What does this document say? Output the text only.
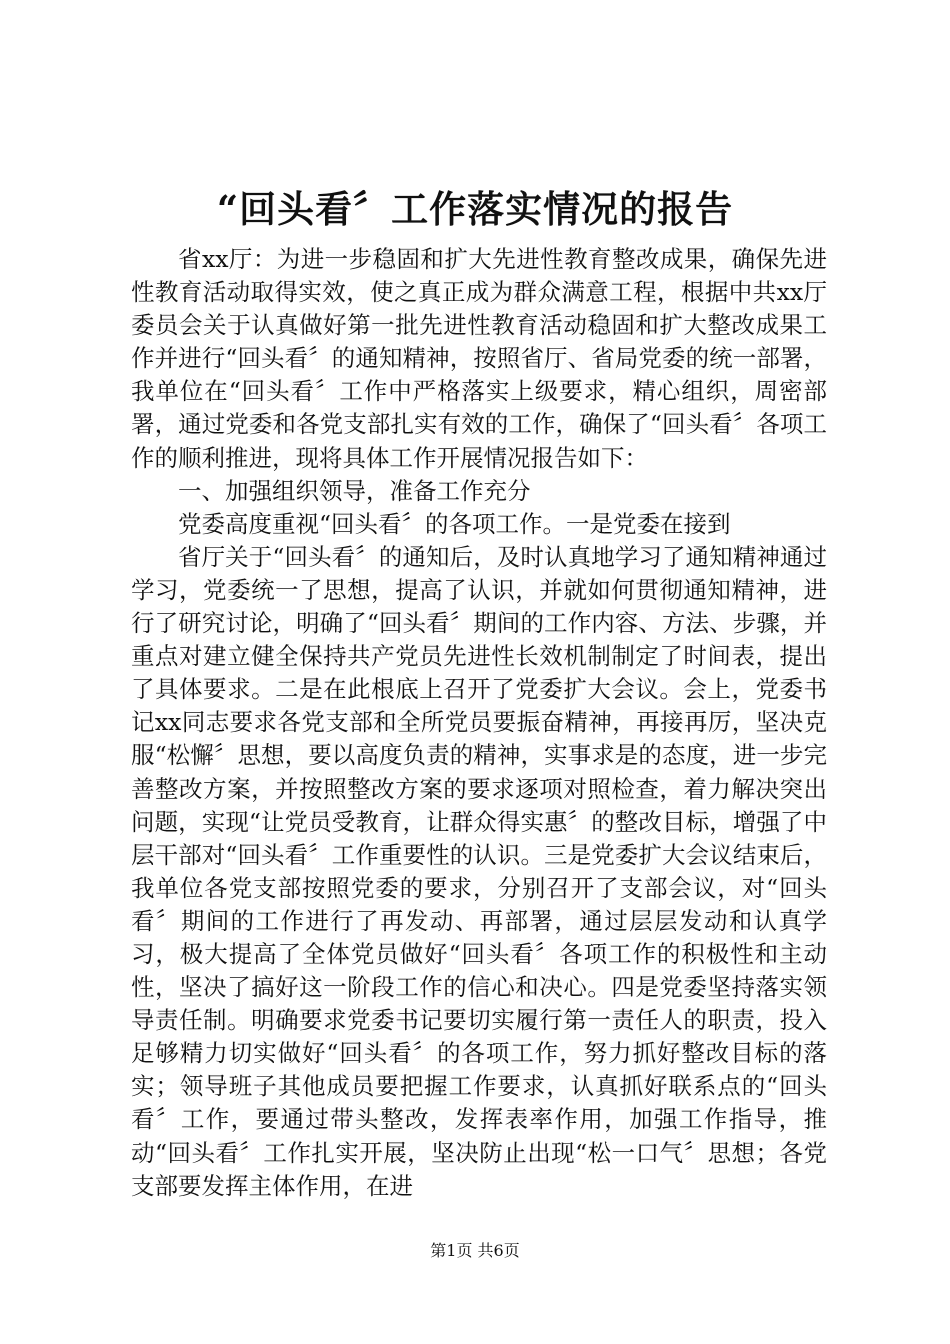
“回头看〞工作落实情况的报告

省xx厅：为进一步稳固和扩大先进性教育整改成果，确保先进性教育活动取得实效，使之真正成为群众满意工程，根据中共xx厅委员会关于认真做好第一批先进性教育活动稳固和扩大整改成果工作并进行“回头看〞的通知精神，按照省厅、省局党委的统一部署，我单位在“回头看〞工作中严格落实上级要求，精心组织，周密部署，通过党委和各党支部扎实有效的工作，确保了“回头看〞各项工作的顺利推进，现将具体工作开展情况报告如下：

一、加强组织领导，准备工作充分

党委高度重视“回头看〞的各项工作。一是党委在接到

省厅关于“回头看〞的通知后，及时认真地学习了通知精神通过学习，党委统一了思想，提高了认识，并就如何贯彻通知精神，进行了研究讨论，明确了“回头看〞期间的工作内容、方法、步骤，并重点对建立健全保持共产党员先进性长效机制制定了时间表，提出了具体要求。二是在此根底上召开了党委扩大会议。会上，党委书记xx同志要求各党支部和全所党员要振奋精神，再接再厉，坚决克服“松懈〞思想，要以高度负责的精神，实事求是的态度，进一步完善整改方案，并按照整改方案的要求逐项对照检查，着力解决突出问题，实现“让党员受教育，让群众得实惠〞的整改目标，增强了中层干部对“回头看〞工作重要性的认识。三是党委扩大会议结束后，我单位各党支部按照党委的要求，分别召开了支部会议，对“回头看〞期间的工作进行了再发动、再部署，通过层层发动和认真学习，极大提高了全体党员做好“回头看〞各项工作的积极性和主动性，坚决了搞好这一阶段工作的信心和决心。四是党委坚持落实领导责任制。明确要求党委书记要切实履行第一责任人的职责，投入足够精力切实做好“回头看〞的各项工作，努力抓好整改目标的落实；领导班子其他成员要把握工作要求，认真抓好联系点的“回头看〞工作，要通过带头整改，发挥表率作用，加强工作指导，推动“回头看〞工作扎实开展，坚决防止出现“松一口气〞思想；各党支部要发挥主体作用，在进

第1页 共6页
